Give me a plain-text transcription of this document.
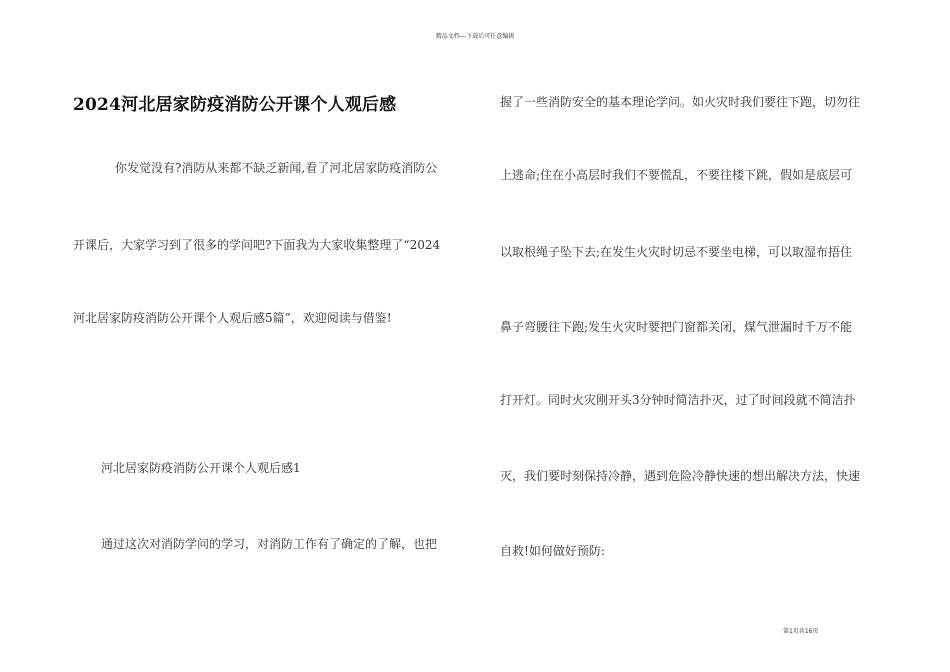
精品文档---下载后可任意编辑
2024河北居家防疫消防公开课个人观后感
你发觉没有?消防从来都不缺乏新闻,看了河北居家防疫消防公
开课后，大家学习到了很多的学问吧?下面我为大家收集整理了“2024
河北居家防疫消防公开课个人观后感5篇”，欢迎阅读与借鉴!
河北居家防疫消防公开课个人观后感1
通过这次对消防学问的学习，对消防工作有了确定的了解，也把
握了一些消防安全的基本理论学问。如火灾时我们要往下跑，切勿往
上逃命;住在小高层时我们不要慌乱，不要往楼下跳，假如是底层可
以取根绳子坠下去;在发生火灾时切忌不要坐电梯，可以取湿布捂住
鼻子弯腰往下跑;发生火灾时要把门窗都关闭，煤气泄漏时千万不能
打开灯。同时火灾刚开头3分钟时简洁扑灭，过了时间段就不简洁扑
灭，我们要时刻保持冷静，遇到危险冷静快速的想出解决方法，快速
自救!如何做好预防:
第1页共16页
